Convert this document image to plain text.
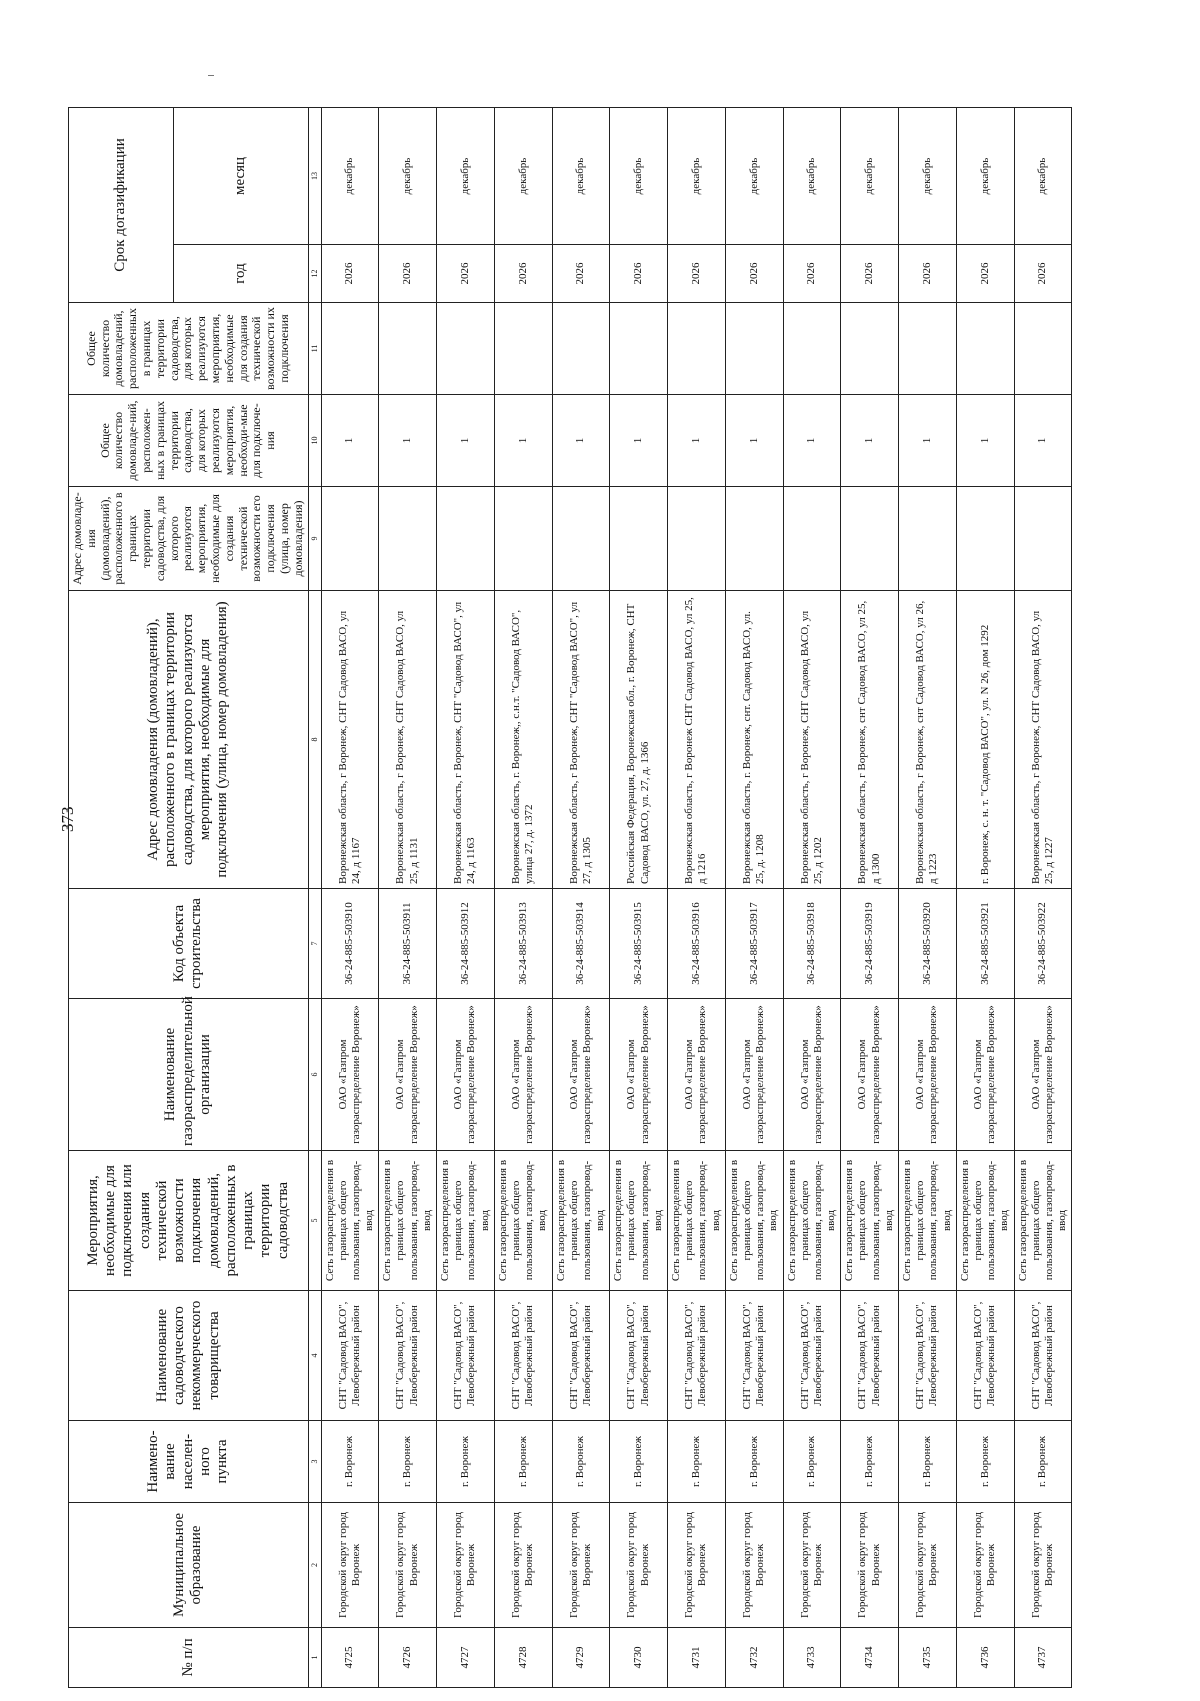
373
№ п/п	Муниципальное образование	Наимено-вание населен-ного пункта	Наименование садоводческого некоммерческого товарищества	Мероприятия, необходимые для подключения или создания технической возможности подключения домовладений, расположенных в границах территории садоводства	Наименование газораспределительной организации	Код объекта строительства	Адрес домовладения (домовладений), расположенного в границах территории садоводства, для которого реализуются мероприятия, необходимые для подключения (улица, номер домовладения)	Адрес домовладе-ния (домовладений), расположенного в границах территории садоводства, для которого реализуются мероприятия, необходимые для создания технической возможности его подключения (улица, номер домовладения)	Общее количество домовладе-ний, расположен-ных в границах территории садоводства, для которых реализуются мероприятия, необходи-мые для подключе-ния	Общее количество домовладений, расположенных в границах территории садоводства, для которых реализуются мероприятия, необходимые для создания технической возможности их подключения	Срок догазификации	
											год	месяц
1	2	3	4	5	6	7	8	9	10	11	12	13
4725	Городской округ город Воронеж	г. Воронеж	СНТ "Садовод ВАСО", Левобережный район	Сеть газораспределения в границах общего пользования, газопровод-ввод	ОАО «Газпром газораспределение Воронеж»	36-24-885-503910	Воронежская область, г Воронеж, СНТ Садовод ВАСО, ул 24, д 1167		1		2026	декабрь
4726	Городской округ город Воронеж	г. Воронеж	СНТ "Садовод ВАСО", Левобережный район	Сеть газораспределения в границах общего пользования, газопровод-ввод	ОАО «Газпром газораспределение Воронеж»	36-24-885-503911	Воронежская область, г Воронеж, СНТ Садовод ВАСО, ул 25, д 1131		1		2026	декабрь
4727	Городской округ город Воронеж	г. Воронеж	СНТ "Садовод ВАСО", Левобережный район	Сеть газораспределения в границах общего пользования, газопровод-ввод	ОАО «Газпром газораспределение Воронеж»	36-24-885-503912	Воронежская область, г Воронеж, СНТ "Садовод ВАСО", ул 24, д 1163		1		2026	декабрь
4728	Городской округ город Воронеж	г. Воронеж	СНТ "Садовод ВАСО", Левобережный район	Сеть газораспределения в границах общего пользования, газопровод-ввод	ОАО «Газпром газораспределение Воронеж»	36-24-885-503913	Воронежская область, г. Воронеж,, с.н.т. "Садовод ВАСО", улица 27, д. 1372		1		2026	декабрь
4729	Городской округ город Воронеж	г. Воронеж	СНТ "Садовод ВАСО", Левобережный район	Сеть газораспределения в границах общего пользования, газопровод-ввод	ОАО «Газпром газораспределение Воронеж»	36-24-885-503914	Воронежская область, г Воронеж, СНТ "Садовод ВАСО", ул 27, д 1305		1		2026	декабрь
4730	Городской округ город Воронеж	г. Воронеж	СНТ "Садовод ВАСО", Левобережный район	Сеть газораспределения в границах общего пользования, газопровод-ввод	ОАО «Газпром газораспределение Воронеж»	36-24-885-503915	Российская Федерация, Воронежская обл., г. Воронеж, СНТ Садовод ВАСО, ул. 27, д. 1366		1		2026	декабрь
4731	Городской округ город Воронеж	г. Воронеж	СНТ "Садовод ВАСО", Левобережный район	Сеть газораспределения в границах общего пользования, газопровод-ввод	ОАО «Газпром газораспределение Воронеж»	36-24-885-503916	Воронежская область, г Воронеж СНТ Садовод ВАСО, ул 25, д 1216		1		2026	декабрь
4732	Городской округ город Воронеж	г. Воронеж	СНТ "Садовод ВАСО", Левобережный район	Сеть газораспределения в границах общего пользования, газопровод-ввод	ОАО «Газпром газораспределение Воронеж»	36-24-885-503917	Воронежская область, г. Воронеж, снт. Садовод ВАСО, ул. 25, д. 1208		1		2026	декабрь
4733	Городской округ город Воронеж	г. Воронеж	СНТ "Садовод ВАСО", Левобережный район	Сеть газораспределения в границах общего пользования, газопровод-ввод	ОАО «Газпром газораспределение Воронеж»	36-24-885-503918	Воронежская область, г Воронеж, СНТ Садовод ВАСО, ул 25, д 1202		1		2026	декабрь
4734	Городской округ город Воронеж	г. Воронеж	СНТ "Садовод ВАСО", Левобережный район	Сеть газораспределения в границах общего пользования, газопровод-ввод	ОАО «Газпром газораспределение Воронеж»	36-24-885-503919	Воронежская область, г Воронеж, снт Садовод ВАСО, ул 25, д 1300		1		2026	декабрь
4735	Городской округ город Воронеж	г. Воронеж	СНТ "Садовод ВАСО", Левобережный район	Сеть газораспределения в границах общего пользования, газопровод-ввод	ОАО «Газпром газораспределение Воронеж»	36-24-885-503920	Воронежская область, г Воронеж, снт Садовод ВАСО, ул 26, д 1223		1		2026	декабрь
4736	Городской округ город Воронеж	г. Воронеж	СНТ "Садовод ВАСО", Левобережный район	Сеть газораспределения в границах общего пользования, газопровод-ввод	ОАО «Газпром газораспределение Воронеж»	36-24-885-503921	г. Воронеж, с. н. т. "Садовод ВАСО", ул. N 26, дом 1292		1		2026	декабрь
4737	Городской округ город Воронеж	г. Воронеж	СНТ "Садовод ВАСО", Левобережный район	Сеть газораспределения в границах общего пользования, газопровод-ввод	ОАО «Газпром газораспределение Воронеж»	36-24-885-503922	Воронежская область, г Воронеж, СНТ Садовод ВАСО, ул 25, д 1227		1		2026	декабрь
